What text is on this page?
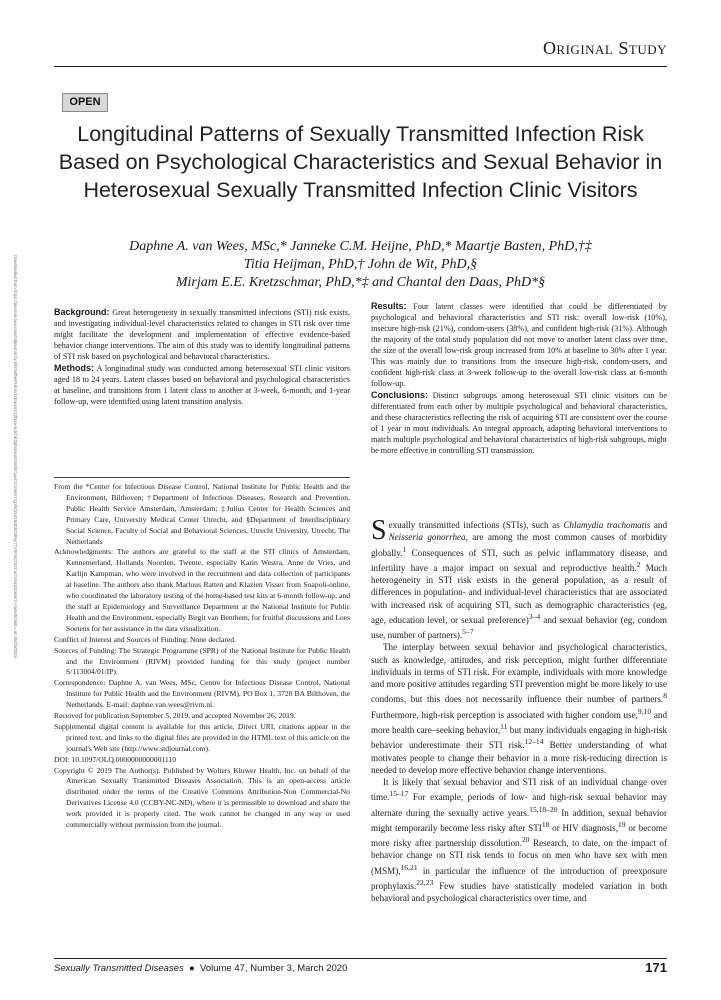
Original Study
OPEN
Longitudinal Patterns of Sexually Transmitted Infection Risk Based on Psychological Characteristics and Sexual Behavior in Heterosexual Sexually Transmitted Infection Clinic Visitors
Daphne A. van Wees, MSc,* Janneke C.M. Heijne, PhD,* Maartje Basten, PhD,†‡
Titia Heijman, PhD,† John de Wit, PhD,§
Mirjam E.E. Kretzschmar, PhD,*‡ and Chantal den Daas, PhD*§
Downloaded from https://journals.lww.com/stdjournal by BhDMf5ePHKav1zEoum1tQfN4a+kJLhEZgbsIHo4XMi0hCywCX1AWnYQp/IlQrHD3i3D0OdRyi7TvSFl4Cf3VC4/OAVpDDa8K2+Ya6H515kE= on 05/29/2024	Background: Great heterogeneity in sexually transmitted infections (STI) risk exists, and investigating individual-level characteristics related to changes in STI risk over time might facilitate the development and implementation of effective evidence-based behavior change interventions. The aim of this study was to identify longitudinal patterns of STI risk based on psychological and behavioral characteristics.

Methods: A longitudinal study was conducted among heterosexual STI clinic visitors aged 18 to 24 years. Latent classes based on behavioral and psychological characteristics at baseline, and transitions from 1 latent class to another at 3-week, 6-month, and 1-year follow-up, were identified using latent transition analysis.

Results: Four latent classes were identified that could be differentiated by psychological and behavioral characteristics and STI risk: overall low-risk (10%), insecure high-risk (21%), condom-users (38%), and confident high-risk (31%). Although the majority of the total study population did not move to another latent class over time, the size of the overall low-risk group increased from 10% at baseline to 30% after 1 year. This was mainly due to transitions from the insecure high-risk, condom-users, and confident high-risk class at 3-week follow-up to the overall low-risk class at 6-month follow-up.

Conclusions: Distinct subgroups among heterosexual STI clinic visitors can be differentiated from each other by multiple psychological and behavioral characteristics, and these characteristics reflecting the risk of acquiring STI are consistent over the course of 1 year in most individuals. An integral approach, adapting behavioral interventions to match multiple psychological and behavioral characteristics of high-risk subgroups, might be more effective in controlling STI transmission.

From the *Center for Infectious Disease Control, National Institute for Public Health and the Environment, Bilthoven; †Department of Infectious Diseases, Research and Prevention, Public Health Service Amsterdam, Amsterdam; ‡Julius Center for Health Sciences and Primary Care, University Medical Center Utrecht, and §Department of Interdisciplinary Social Science, Faculty of Social and Behavioral Sciences, Utrecht University, Utrecht, The Netherlands
Acknowledgments: The authors are grateful to the staff at the STI clinics of Amsterdam, Kennemerland, Hollands Noorden, Twente, especially Karin Westra, Anne de Vries, and Karlijn Kampman, who were involved in the recruitment and data collection of participants at baseline. The authors also thank Marlous Ratten and Klazien Visser from Soapoli-online, who coordinated the laboratory testing of the home-based test kits at 6-month follow-up, and the staff at Epidemiology and Surveillance Department at the National Institute for Public Health and the Environment, especially Birgit van Benthem, for fruitful discussions and Loes Soetens for her assistance in the data visualization.
Conflict of Interest and Sources of Funding: None declared.
Sources of Funding: The Strategic Programme (SPR) of the National Institute for Public Health and the Environment (RIVM) provided funding for this study (project number S/113004/01/IP).
Correspondence: Daphne A. van Wees, MSc, Centre for Infectious Disease Control, National Institute for Public Health and the Environment (RIVM), PO Box 1, 3720 BA Bilthoven, the Netherlands. E-mail: daphne.van.wees@rivm.nl.
Received for publication September 5, 2019, and accepted November 26, 2019.
Supplemental digital content is available for this article. Direct URL citations appear in the printed text, and links to the digital files are provided in the HTML text of this article on the journal's Web site (http://www.stdjournal.com).
DOI: 10.1097/OLQ.0000000000001110
Copyright © 2019 The Author(s). Published by Wolters Kluwer Health, Inc. on behalf of the American Sexually Transmitted Diseases Association. This is an open-access article distributed under the terms of the Creative Commons Attribution-Non Commercial-No Derivatives License 4.0 (CCBY-NC-ND), where it is permissible to download and share the work provided it is properly cited. The work cannot be changed in any way or used commercially without permission from the journal.

Sexually transmitted infections (STIs), such as Chlamydia trachomatis and Neisseria gonorrhea, are among the most common causes of morbidity globally.$^1$ Consequences of STI, such as pelvic inflammatory disease, and infertility have a major impact on sexual and reproductive health.$^2$ Much heterogeneity in STI risk exists in the general population, as a result of differences in population- and individual-level characteristics that are associated with increased risk of acquiring STI, such as demographic characteristics (eg, age, education level, or sexual preference)$^{3-4}$ and sexual behavior (eg, condom use, number of partners).$^{5-7}$

The interplay between sexual behavior and psychological characteristics, such as knowledge, attitudes, and risk perception, might further differentiate individuals in terms of STI risk. For example, individuals with more knowledge and more positive attitudes regarding STI prevention might be more likely to use condoms, but this does not necessarily influence their number of partners.$^8$ Furthermore, high-risk perception is associated with higher condom use,$^{9,10}$ and more health care–seeking behavior,$^{11}$ but many individuals engaging in high-risk behavior underestimate their STI risk.$^{12-14}$ Better understanding of what motivates people to change their behavior in a more risk-reducing direction is needed to develop more effective behavior change interventions.

It is likely that sexual behavior and STI risk of an individual change over time.$^{15-17}$ For example, periods of low- and high-risk sexual behavior may alternate during the sexually active years.$^{15,18-20}$ In addition, sexual behavior might temporarily become less risky after STI$^{18}$ or HIV diagnosis,$^{19}$ or become more risky after partnership dissolution.$^{20}$ Research, to date, on the impact of behavior change on STI risk tends to focus on men who have sex with men (MSM),$^{16,21}$ in particular the influence of the introduction of preexposure prophylaxis.$^{22,23}$ Few studies have statistically modeled variation in both behavioral and psychological characteristics over time, and

Sexually Transmitted Diseases ● Volume 47, Number 3, March 2020	171
